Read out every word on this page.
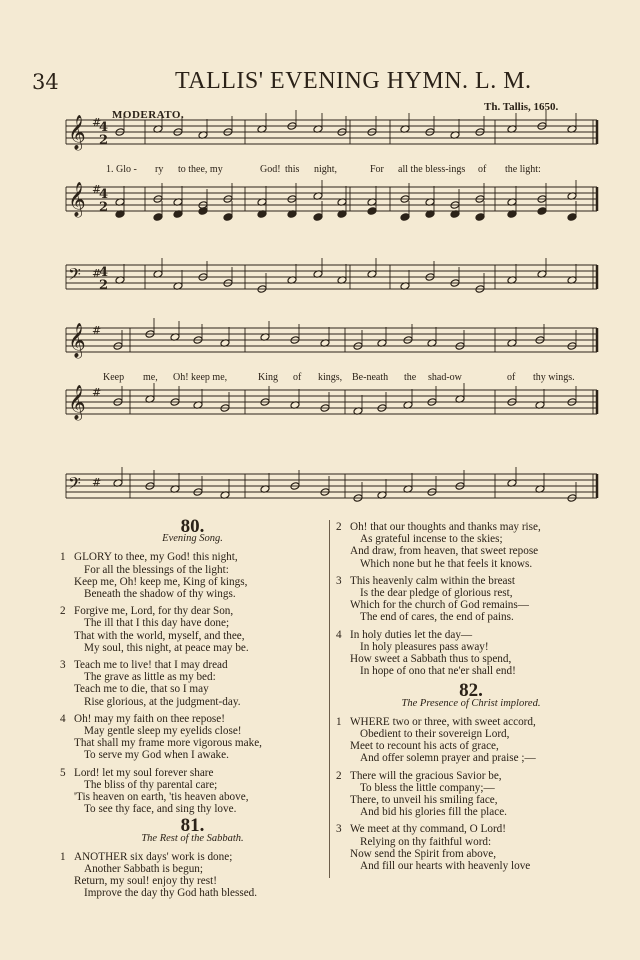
34	TALLIS' EVENING HYMN. L. M.
MODERATO.
Th. Tallis, 1650.
𝄞 #
4
2
𝄞 #
4
2
𝄢 #
4
2
𝄞 #
𝄞 #
𝄢 #
1. Glo - ry to thee, my	God! this night,	For all the bless-ings of the light:
Keep me, Oh! keep me,	King of kings, Be-neath the shad-ow	of thy wings.

80.

Evening Song.

1 GLORY to thee, my God! this night,
For all the blessings of the light:
Keep me, Oh! keep me, King of kings,
Beneath the shadow of thy wings.
2 Forgive me, Lord, for thy dear Son,
The ill that I this day have done;
That with the world, myself, and thee,
My soul, this night, at peace may be.
3 Teach me to live! that I may dread
The grave as little as my bed:
Teach me to die, that so I may
Rise glorious, at the judgment-day.
4 Oh! may my faith on thee repose!
May gentle sleep my eyelids close!
That shall my frame more vigorous make,
To serve my God when I awake.
5 Lord! let my soul forever share
The bliss of thy parental care;
'Tis heaven on earth, 'tis heaven above,
To see thy face, and sing thy love.

81.

The Rest of the Sabbath.

1 ANOTHER six days' work is done;
Another Sabbath is begun;
Return, my soul! enjoy thy rest!
Improve the day thy God hath blessed.
2 Oh! that our thoughts and thanks may rise,
As grateful incense to the skies;
And draw, from heaven, that sweet repose
Which none but he that feels it knows.
3 This heavenly calm within the breast
Is the dear pledge of glorious rest,
Which for the church of God remains—
The end of cares, the end of pains.
4 In holy duties let the day—
In holy pleasures pass away!
How sweet a Sabbath thus to spend,
In hope of ono that ne'er shall end!

82.

The Presence of Christ implored.

1 WHERE two or three, with sweet accord,
Obedient to their sovereign Lord,
Meet to recount his acts of grace,
And offer solemn prayer and praise ;—
2 There will the gracious Savior be,
To bless the little company;—
There, to unveil his smiling face,
And bid his glories fill the place.
3 We meet at thy command, O Lord!
Relying on thy faithful word:
Now send the Spirit from above,
And fill our hearts with heavenly love
